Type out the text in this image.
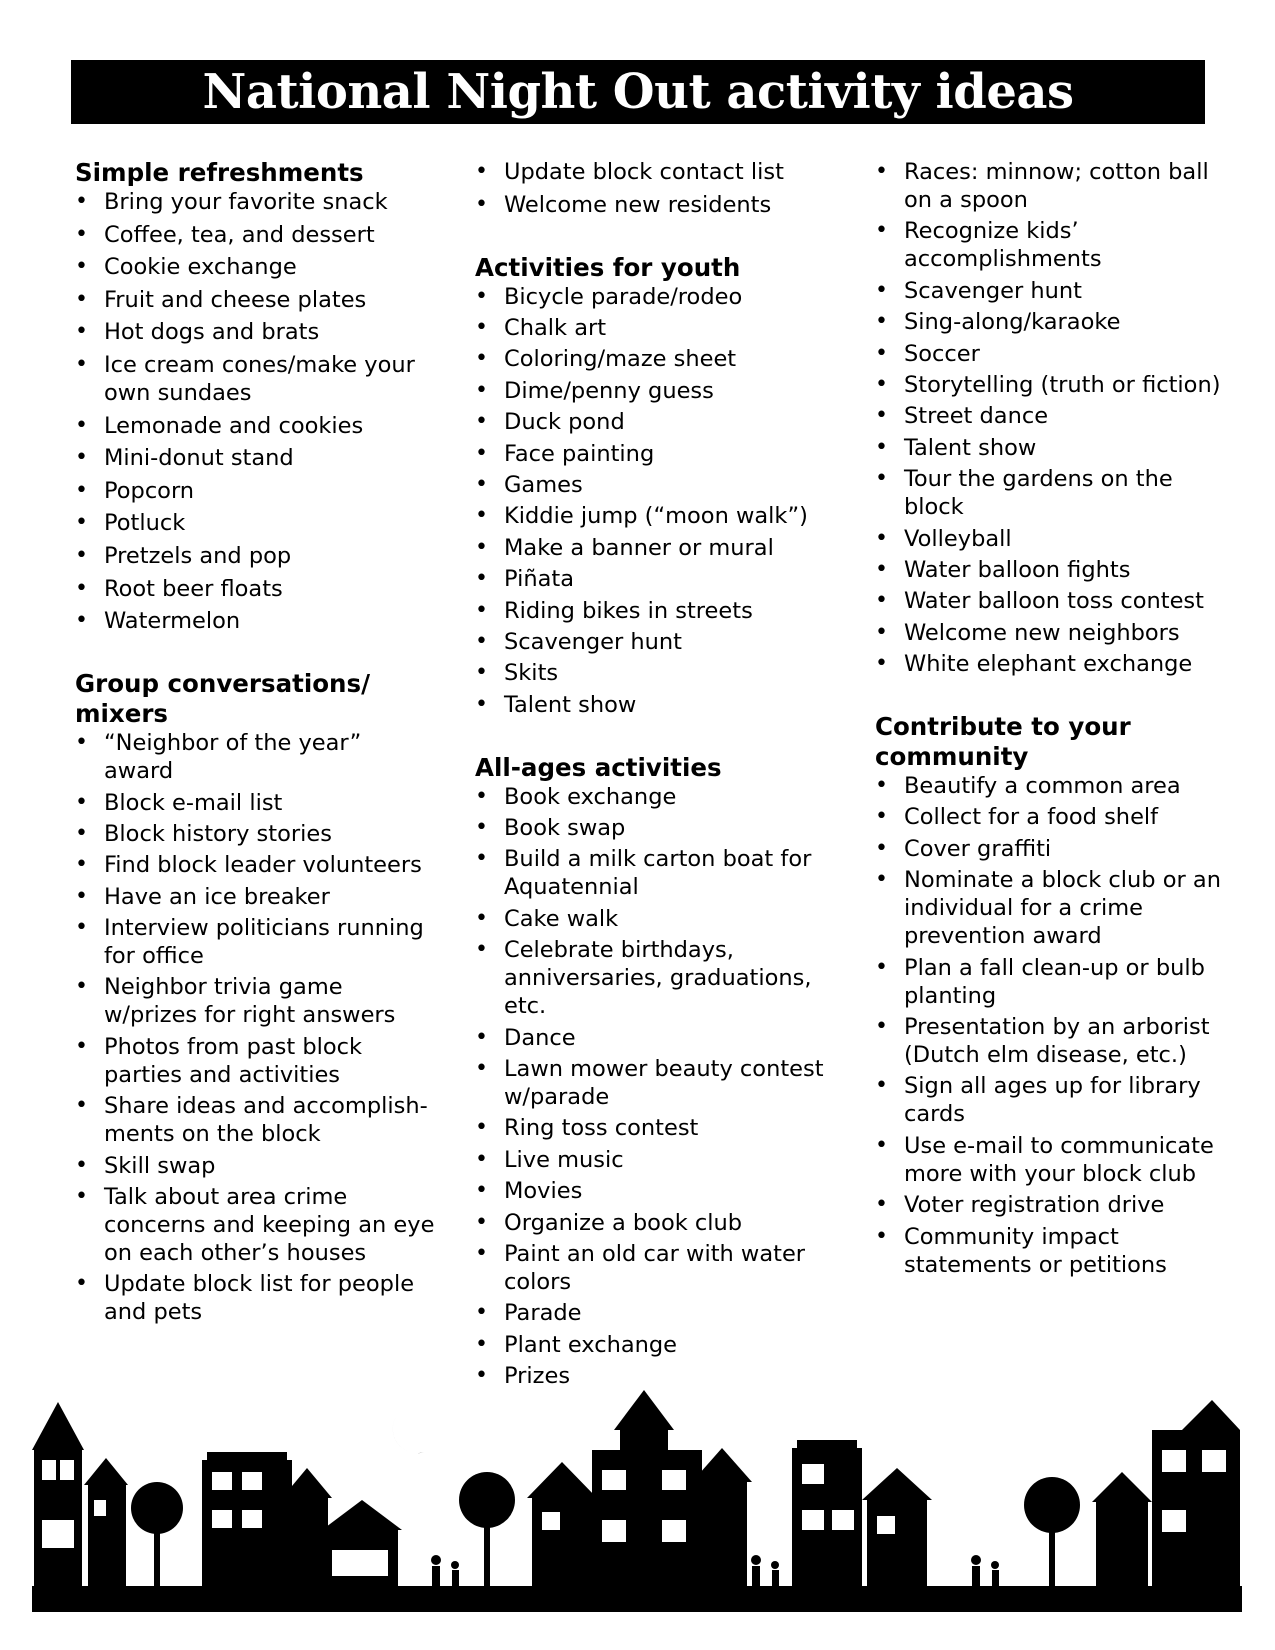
National Night Out activity ideas
Simple refreshments
• Bring your favorite snack
• Coffee, tea, and dessert
• Cookie exchange
• Fruit and cheese plates
• Hot dogs and brats
• Ice cream cones/make your own sundaes
• Lemonade and cookies
• Mini-donut stand
• Popcorn
• Potluck
• Pretzels and pop
• Root beer floats
• Watermelon
Group conversations/ mixers
• “Neighbor of the year” award
• Block e-mail list
• Block history stories
• Find block leader volunteers
• Have an ice breaker
• Interview politicians running for office
• Neighbor trivia game w/prizes for right answers
• Photos from past block parties and activities
• Share ideas and accomplish-ments on the block
• Skill swap
• Talk about area crime concerns and keeping an eye on each other’s houses
• Update block list for people and pets
• Update block contact list
• Welcome new residents
Activities for youth
• Bicycle parade/rodeo
• Chalk art
• Coloring/maze sheet
• Dime/penny guess
• Duck pond
• Face painting
• Games
• Kiddie jump (“moon walk”)
• Make a banner or mural
• Piñata
• Riding bikes in streets
• Scavenger hunt
• Skits
• Talent show
All-ages activities
• Book exchange
• Book swap
• Build a milk carton boat for Aquatennial
• Cake walk
• Celebrate birthdays, anniversaries, graduations, etc.
• Dance
• Lawn mower beauty contest w/parade
• Ring toss contest
• Live music
• Movies
• Organize a book club
• Paint an old car with water colors
• Parade
• Plant exchange
• Prizes
• Races: minnow; cotton ball on a spoon
• Recognize kids’ accomplishments
• Scavenger hunt
• Sing-along/karaoke
• Soccer
• Storytelling (truth or fiction)
• Street dance
• Talent show
• Tour the gardens on the block
• Volleyball
• Water balloon fights
• Water balloon toss contest
• Welcome new neighbors
• White elephant exchange
Contribute to your community
• Beautify a common area
• Collect for a food shelf
• Cover graffiti
• Nominate a block club or an individual for a crime prevention award
• Plan a fall clean-up or bulb planting
• Presentation by an arborist (Dutch elm disease, etc.)
• Sign all ages up for library cards
• Use e-mail to communicate more with your block club
• Voter registration drive
• Community impact statements or petitions
